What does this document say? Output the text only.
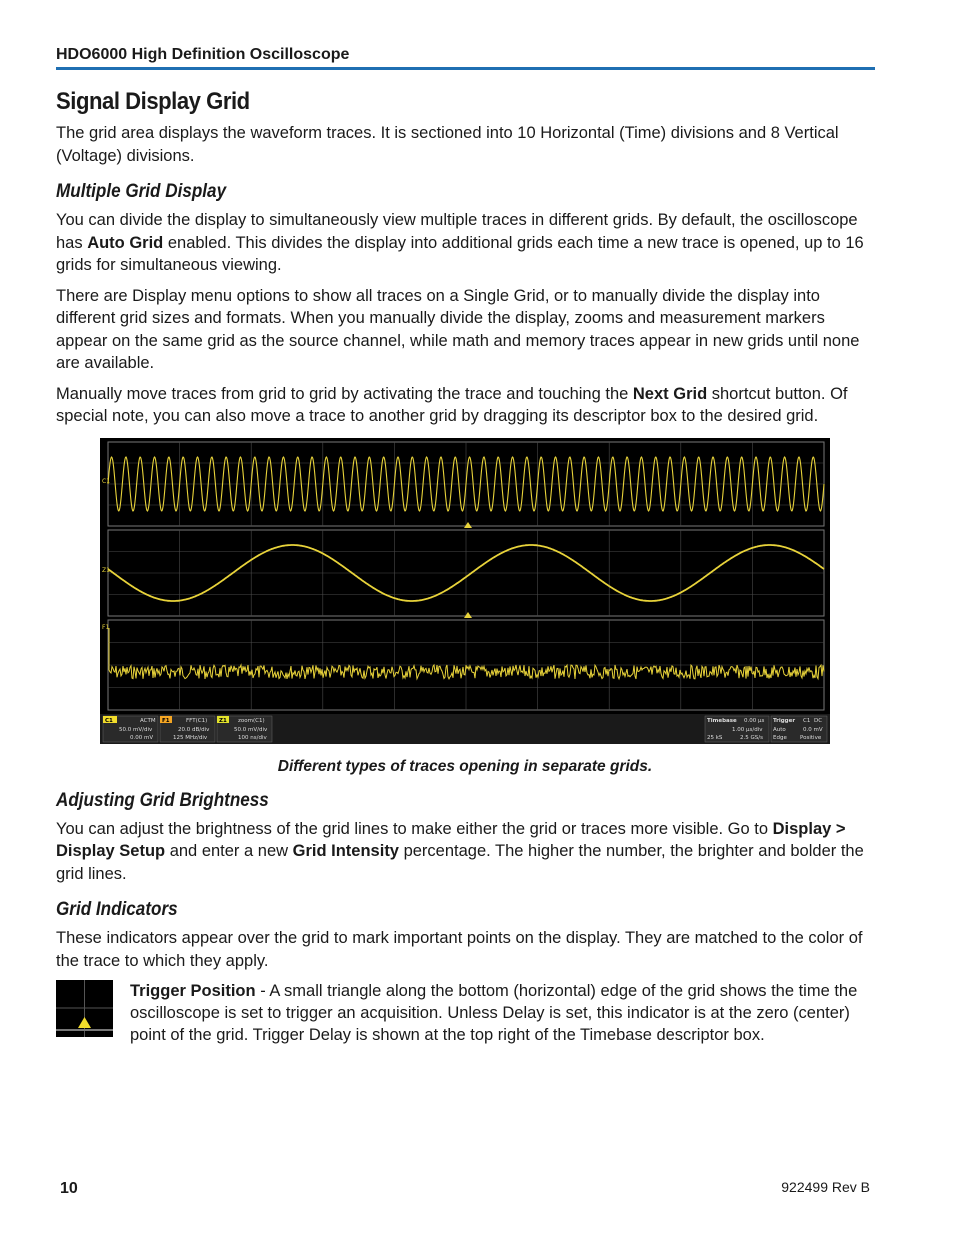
HDO6000 High Definition Oscilloscope
Signal Display Grid

The grid area displays the waveform traces. It is sectioned into 10 Horizontal (Time) divisions and 8 Vertical (Voltage) divisions.

Multiple Grid Display

You can divide the display to simultaneously view multiple traces in different grids. By default, the oscilloscope has Auto Grid enabled. This divides the display into additional grids each time a new trace is opened, up to 16 grids for simultaneous viewing.

There are Display menu options to show all traces on a Single Grid, or to manually divide the display into different grid sizes and formats. When you manually divide the display, zooms and measurement markers appear on the same grid as the source channel, while math and memory traces appear in new grids until none are available.

Manually move traces from grid to grid by activating the trace and touching the Next Grid shortcut button. Of special note, you can also move a trace to another grid by dragging its descriptor box to the desired grid.

C1
Z1
F1
C1	ACTM
50.0 mV/div
0.00 mV
F1	FFT(C1)
20.0 dB/div
125 MHz/div
Z1 zoom(C1)
50.0 mV/div
100 ns/div
Timebase 0.00 µs
1.00 µs/div
25 kS	2.5 GS/s
Trigger C1 DC
Auto	0.0 mV
Edge Positive
Different types of traces opening in separate grids.
Adjusting Grid Brightness

You can adjust the brightness of the grid lines to make either the grid or traces more visible. Go to Display > Display Setup and enter a new Grid Intensity percentage. The higher the number, the brighter and bolder the grid lines.

Grid Indicators

These indicators appear over the grid to mark important points on the display. They are matched to the color of the trace to which they apply.

Trigger Position - A small triangle along the bottom (horizontal) edge of the grid shows the time the oscilloscope is set to trigger an acquisition. Unless Delay is set, this indicator is at the zero (center) point of the grid. Trigger Delay is shown at the top right of the Timebase descriptor box.
10	922499 Rev B
